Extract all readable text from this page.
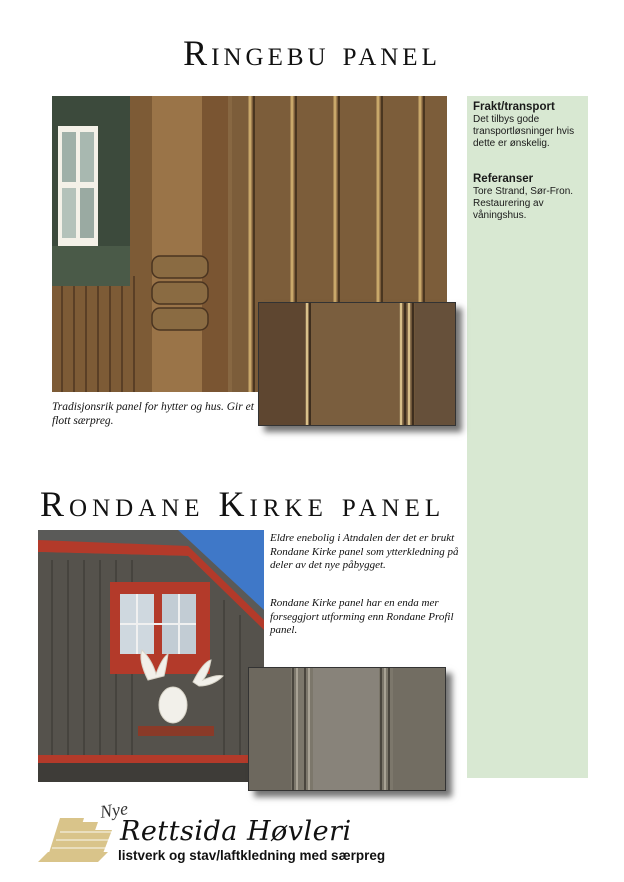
Ringebu panel
Frakt/transport

Det tilbys gode transportløsninger hvis dette er ønskelig.

Referanser

Tore Strand, Sør-Fron. Restaurering av våningshus.

Tradisjonsrik panel for hytter og hus. Gir et flott særpreg.
Rondane Kirke panel
Eldre enebolig i Atndalen der det er brukt Rondane Kirke panel som ytterkledning på deler av det nye påbygget.
Rondane Kirke panel har en enda mer forseggjort utforming enn Rondane Profil panel.
Nye
Rettsida Høvleri
listverk og stav/laftkledning med særpreg
